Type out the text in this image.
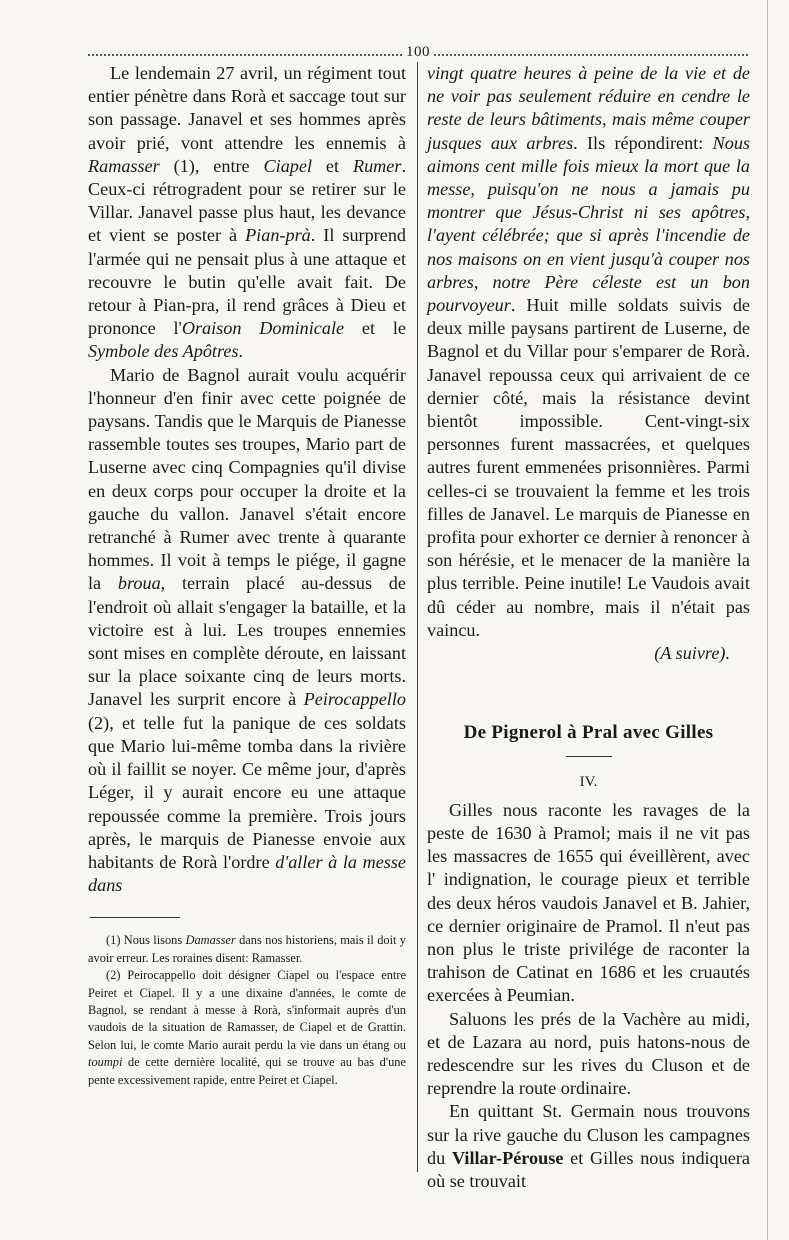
100

Le lendemain 27 avril, un régiment tout entier pénètre dans Rorà et saccage tout sur son passage. Janavel et ses hommes après avoir prié, vont attendre les ennemis à Ramasser (1), entre Ciapel et Rumer. Ceux-ci rétrogradent pour se retirer sur le Villar. Janavel passe plus haut, les devance et vient se poster à Pian-prà. Il surprend l'armée qui ne pensait plus à une attaque et recouvre le butin qu'elle avait fait. De retour à Pian-pra, il rend grâces à Dieu et prononce l'Oraison Dominicale et le Symbole des Apôtres.

Mario de Bagnol aurait voulu acquérir l'honneur d'en finir avec cette poignée de paysans. Tandis que le Marquis de Pianesse rassemble toutes ses troupes, Mario part de Luserne avec cinq Compagnies qu'il divise en deux corps pour occuper la droite et la gauche du vallon. Janavel s'était encore retranché à Rumer avec trente à quarante hommes. Il voit à temps le piége, il gagne la broua, terrain placé au-dessus de l'endroit où allait s'engager la bataille, et la victoire est à lui. Les troupes ennemies sont mises en complète déroute, en laissant sur la place soixante cinq de leurs morts. Janavel les surprit encore à Peirocappello (2), et telle fut la panique de ces soldats que Mario lui-même tomba dans la rivière où il faillit se noyer. Ce même jour, d'après Léger, il y aurait encore eu une attaque repoussée comme la première. Trois jours après, le marquis de Pianesse envoie aux habitants de Rorà l'ordre d'aller à la messe dans

(1) Nous lisons Damasser dans nos historiens, mais il doit y avoir erreur. Les roraines disent: Ramasser.

(2) Peirocappello doit désigner Ciapel ou l'espace entre Peiret et Ciapel. Il y a une dixaine d'années, le comte de Bagnol, se rendant à messe à Rorà, s'informait auprès d'un vaudois de la situation de Ramasser, de Ciapel et de Grattin. Selon lui, le comte Mario aurait perdu la vie dans un étang ou toumpi de cette dernière localité, qui se trouve au bas d'une pente excessivement rapide, entre Peiret et Ciapel.

vingt quatre heures à peine de la vie et de ne voir pas seulement réduire en cendre le reste de leurs bâtiments, mais même couper jusques aux arbres. Ils répondirent: Nous aimons cent mille fois mieux la mort que la messe, puisqu'on ne nous a jamais pu montrer que Jésus-Christ ni ses apôtres, l'ayent célébrée; que si après l'incendie de nos maisons on en vient jusqu'à couper nos arbres, notre Père céleste est un bon pourvoyeur. Huit mille soldats suivis de deux mille paysans partirent de Luserne, de Bagnol et du Villar pour s'emparer de Rorà. Janavel repoussa ceux qui arrivaient de ce dernier côté, mais la résistance devint bientôt impossible. Cent-vingt-six personnes furent massacrées, et quelques autres furent emmenées prisonnières. Parmi celles-ci se trouvaient la femme et les trois filles de Janavel. Le marquis de Pianesse en profita pour exhorter ce dernier à renoncer à son hérésie, et le menacer de la manière la plus terrible. Peine inutile! Le Vaudois avait dû céder au nombre, mais il n'était pas vaincu.

(A suivre).
De Pignerol à Pral avec Gilles
IV.

Gilles nous raconte les ravages de la peste de 1630 à Pramol; mais il ne vit pas les massacres de 1655 qui éveillèrent, avec l' indignation, le courage pieux et terrible des deux héros vaudois Janavel et B. Jahier, ce dernier originaire de Pramol. Il n'eut pas non plus le triste privilége de raconter la trahison de Catinat en 1686 et les cruautés exercées à Peumian.

Saluons les prés de la Vachère au midi, et de Lazara au nord, puis hatons-nous de redescendre sur les rives du Cluson et de reprendre la route ordinaire.

En quittant St. Germain nous trouvons sur la rive gauche du Cluson les campagnes du Villar-Pérouse et Gilles nous indiquera où se trouvait
